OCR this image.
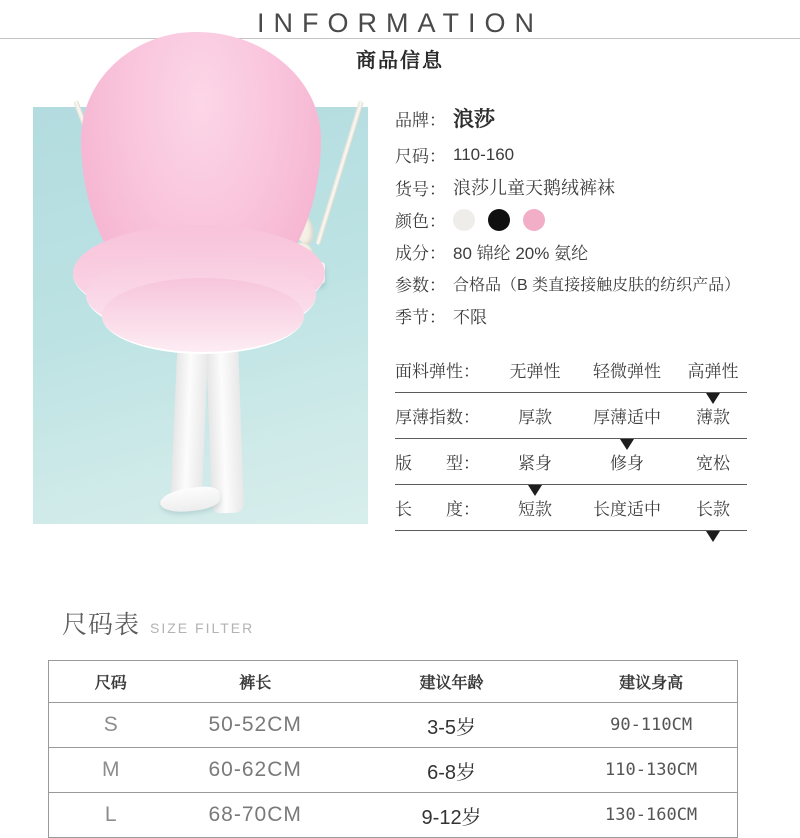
INFORMATION
商品信息
品牌： 浪莎
尺码： 110-160
货号： 浪莎儿童天鹅绒裤袜
颜色：
成分： 80 锦纶 20% 氨纶
参数： 合格品（B 类直接接触皮肤的纺织产品）
季节： 不限
面料弹性：	无弹性	轻微弹性	高弹性
厚薄指数：	厚款	厚薄适中	薄款
版　　型：	紧身	修身	宽松
长　　度：	短款	长度适中	长款
尺码表 SIZE FILTER
尺码	裤长	建议年龄	建议身高
S	50-52CM	3-5岁	90-110CM
M	60-62CM	6-8岁	110-130CM
L	68-70CM	9-12岁	130-160CM
